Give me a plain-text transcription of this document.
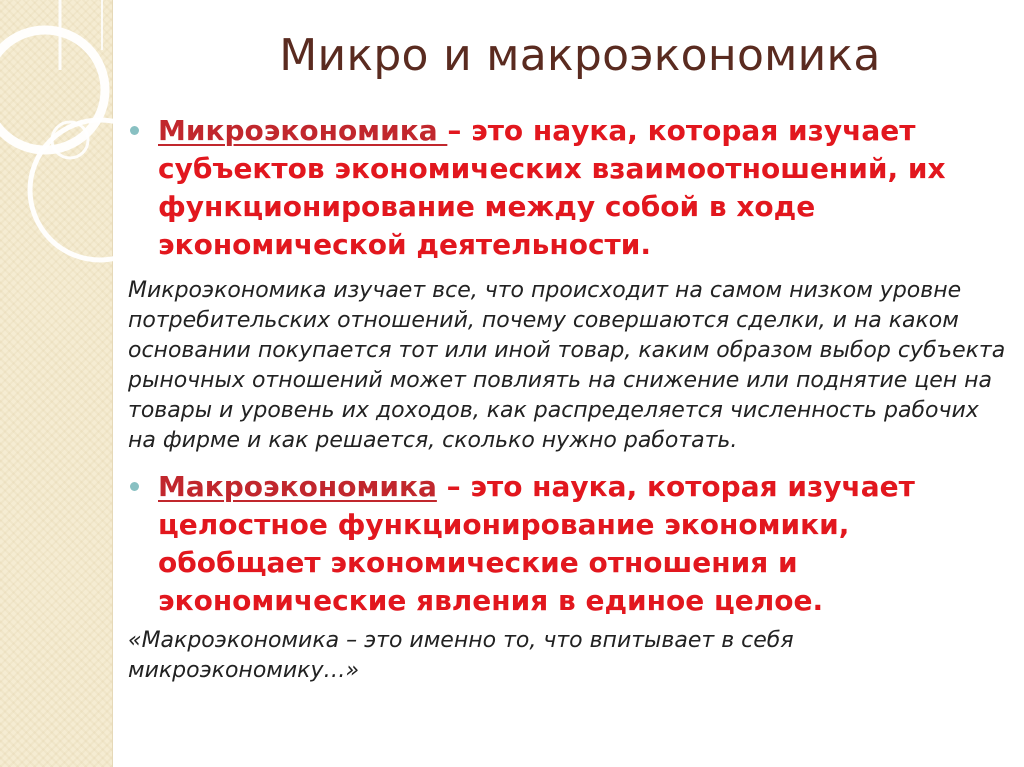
Микро и макроэкономика
Микроэкономика – это наука, которая изучает субъектов экономических взаимоотношений, их функционирование между собой в ходе экономической деятельности.
Микроэкономика изучает все, что происходит на самом низком уровне потребительских отношений, почему совершаются сделки, и на каком основании покупается тот или иной товар, каким образом выбор субъекта рыночных отношений может повлиять на снижение или поднятие цен на товары и уровень их доходов, как распределяется численность рабочих на фирме и как решается, сколько нужно работать.
Макроэкономика – это наука, которая изучает целостное функционирование экономики, обобщает экономические отношения и экономические явления в единое целое.
«Макроэкономика – это именно то, что впитывает в себя микроэкономику…»
